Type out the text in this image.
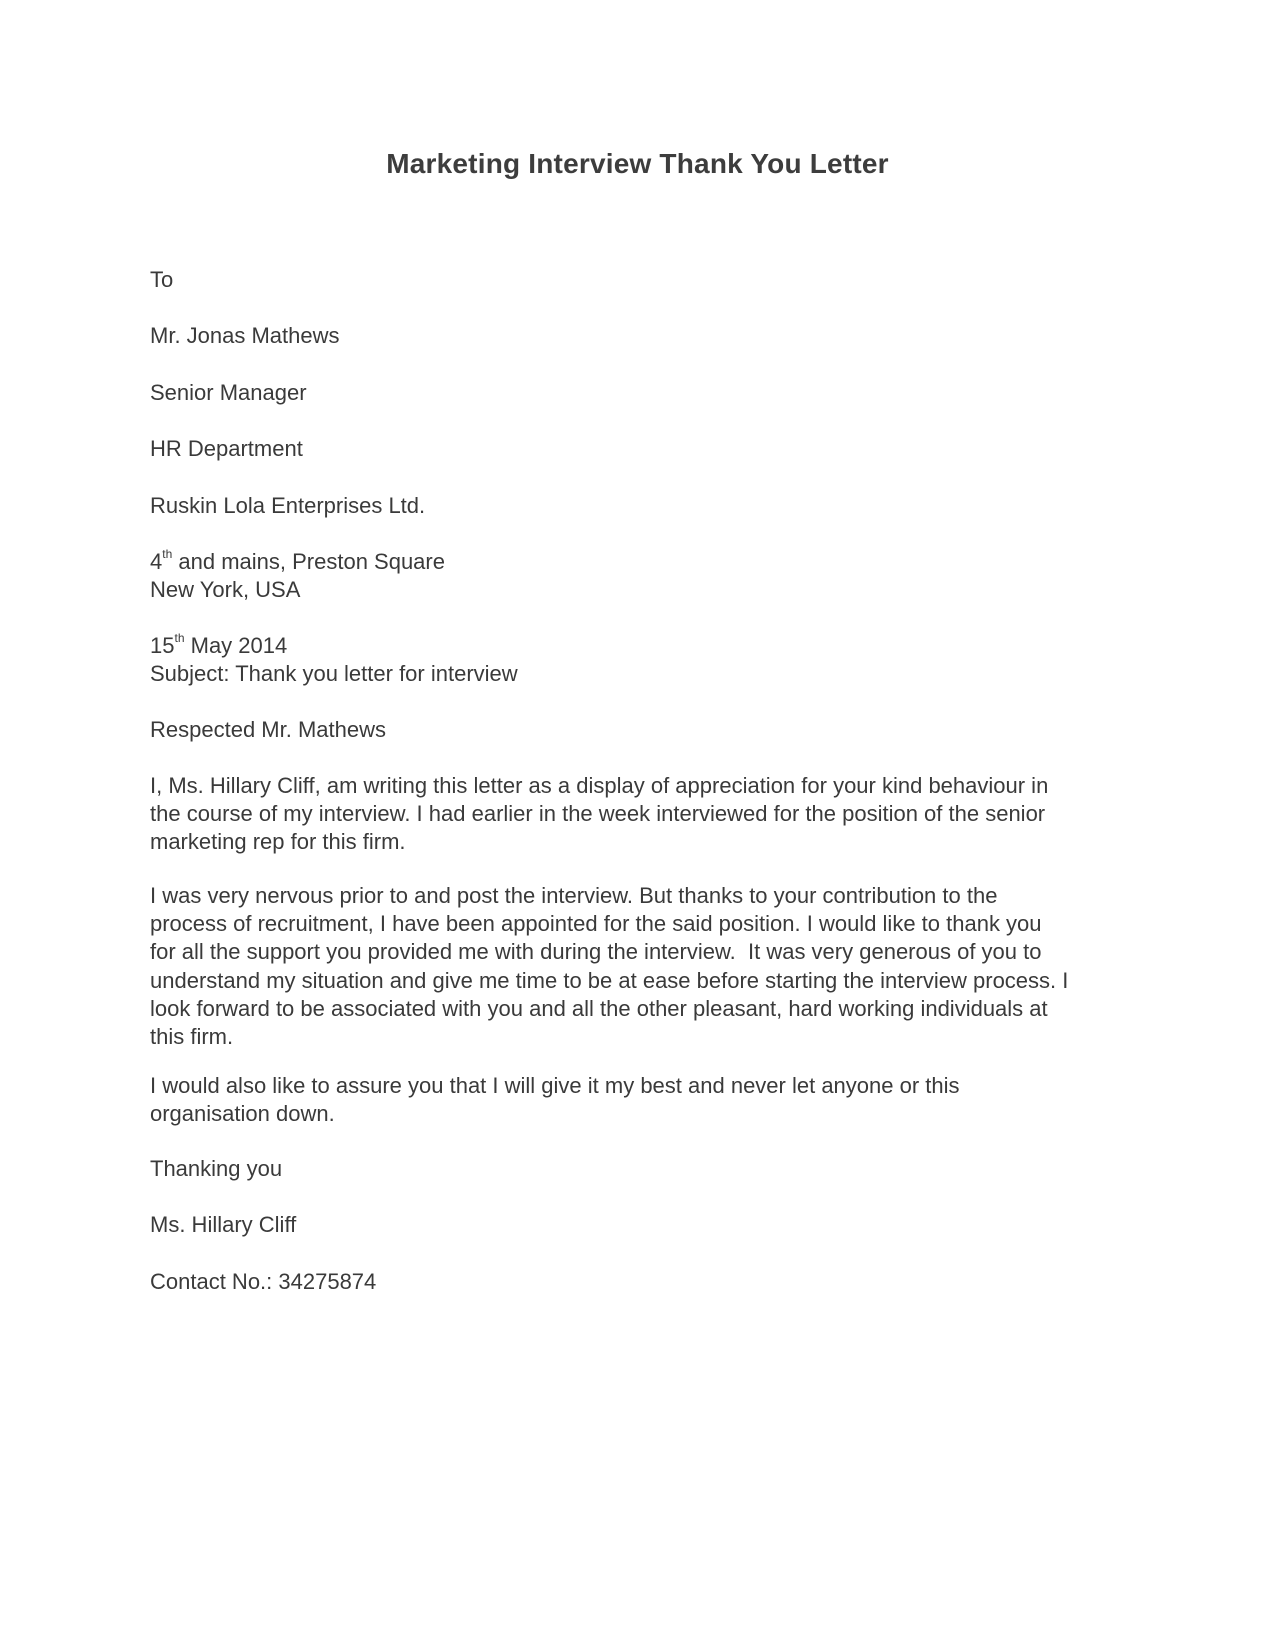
Marketing Interview Thank You Letter
To
Mr. Jonas Mathews
Senior Manager
HR Department
Ruskin Lola Enterprises Ltd.
4th and mains, Preston Square
New York, USA
15th May 2014
Subject: Thank you letter for interview
Respected Mr. Mathews
I, Ms. Hillary Cliff, am writing this letter as a display of appreciation for your kind behaviour in
the course of my interview. I had earlier in the week interviewed for the position of the senior
marketing rep for this firm.
I was very nervous prior to and post the interview. But thanks to your contribution to the
process of recruitment, I have been appointed for the said position. I would like to thank you
for all the support you provided me with during the interview.  It was very generous of you to
understand my situation and give me time to be at ease before starting the interview process. I
look forward to be associated with you and all the other pleasant, hard working individuals at
this firm.
I would also like to assure you that I will give it my best and never let anyone or this
organisation down.
Thanking you
Ms. Hillary Cliff
Contact No.: 34275874
